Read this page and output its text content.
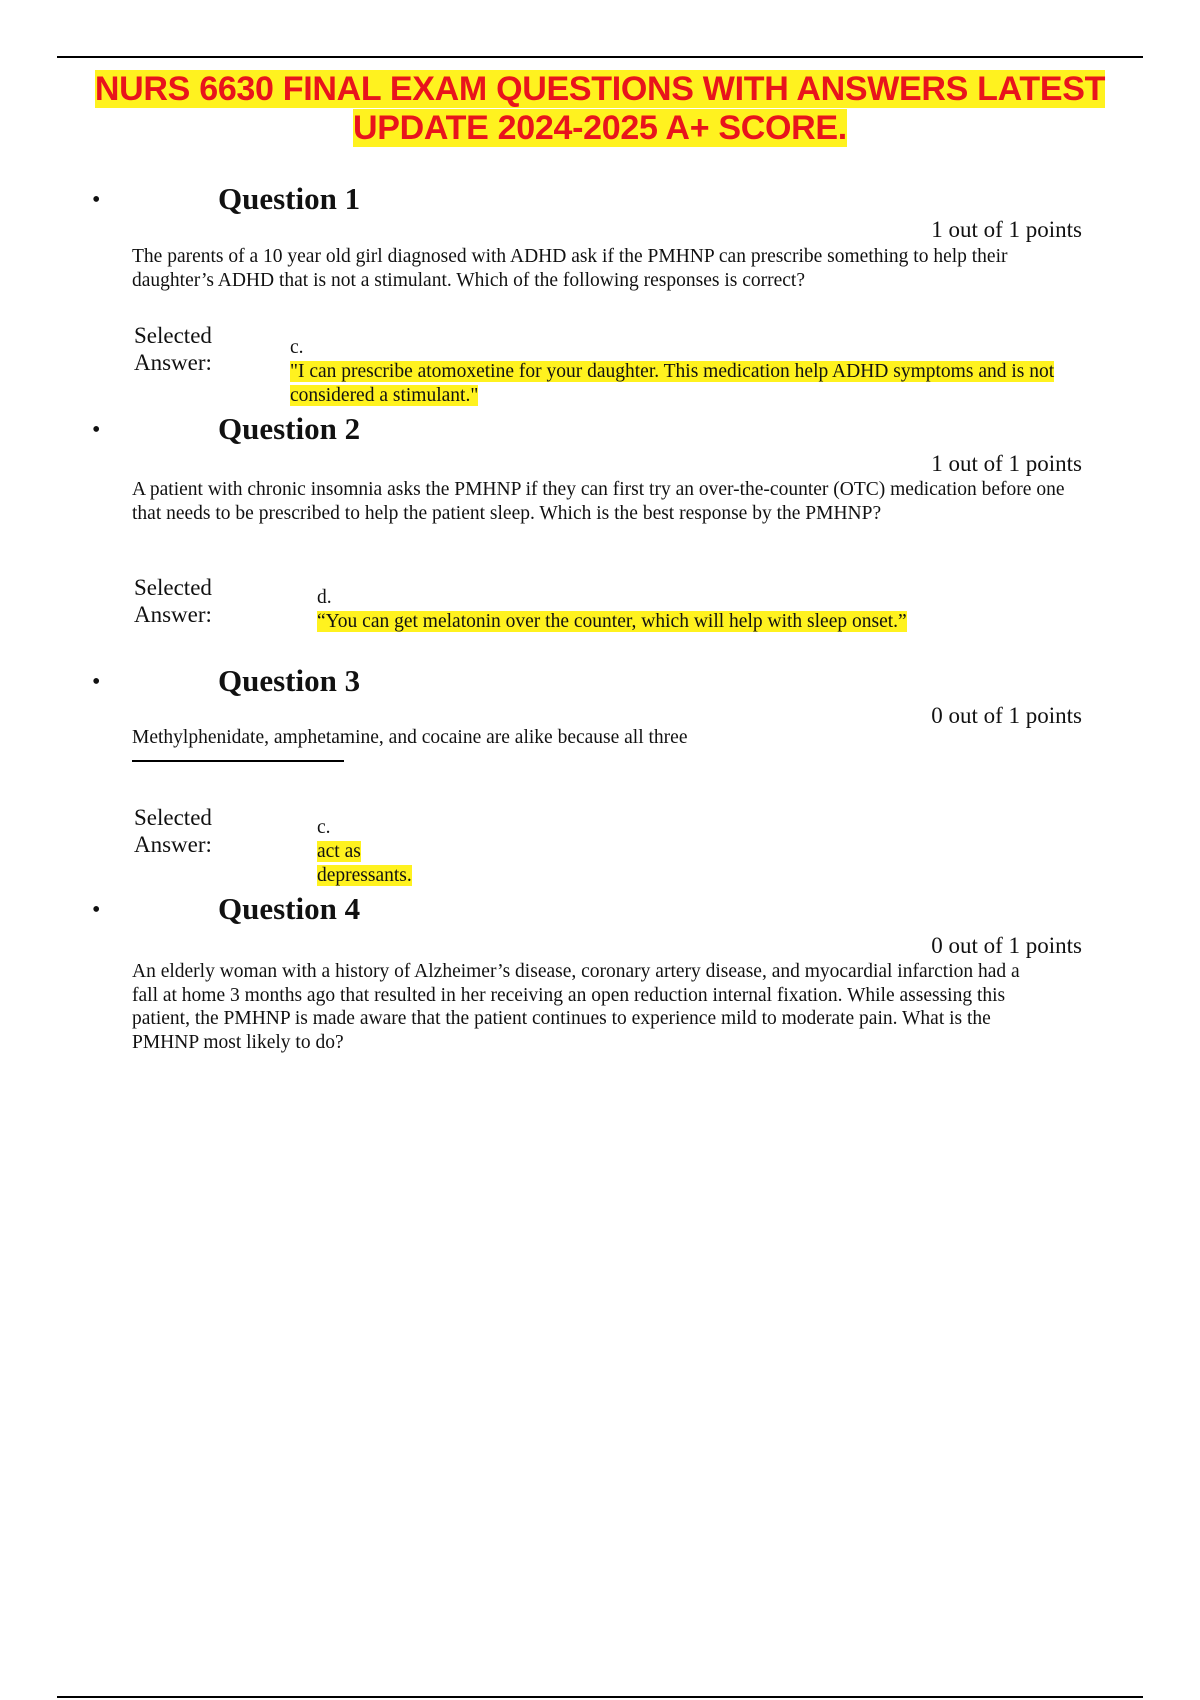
NURS 6630 FINAL EXAM QUESTIONS WITH ANSWERS LATEST UPDATE 2024-2025 A+ SCORE.
•	Question 1
1 out of 1 points
The parents of a 10 year old girl diagnosed with ADHD ask if the PMHNP can prescribe something to help their daughter’s ADHD that is not a stimulant. Which of the following responses is correct?
Selected Answer:
c.
"I can prescribe atomoxetine for your daughter. This medication help ADHD symptoms and is not considered a stimulant."
•	Question 2
1 out of 1 points
A patient with chronic insomnia asks the PMHNP if they can first try an over-the-counter (OTC) medication before one that needs to be prescribed to help the patient sleep. Which is the best response by the PMHNP?
Selected Answer:
d.
“You can get melatonin over the counter, which will help with sleep onset.”
•	Question 3
0 out of 1 points
Methylphenidate, amphetamine, and cocaine are alike because all three
Selected Answer:
c.
act as depressants.
•	Question 4
0 out of 1 points
An elderly woman with a history of Alzheimer’s disease, coronary artery disease, and myocardial infarction had a fall at home 3 months ago that resulted in her receiving an open reduction internal fixation. While assessing this patient, the PMHNP is made aware that the patient continues to experience mild to moderate pain. What is the PMHNP most likely to do?
